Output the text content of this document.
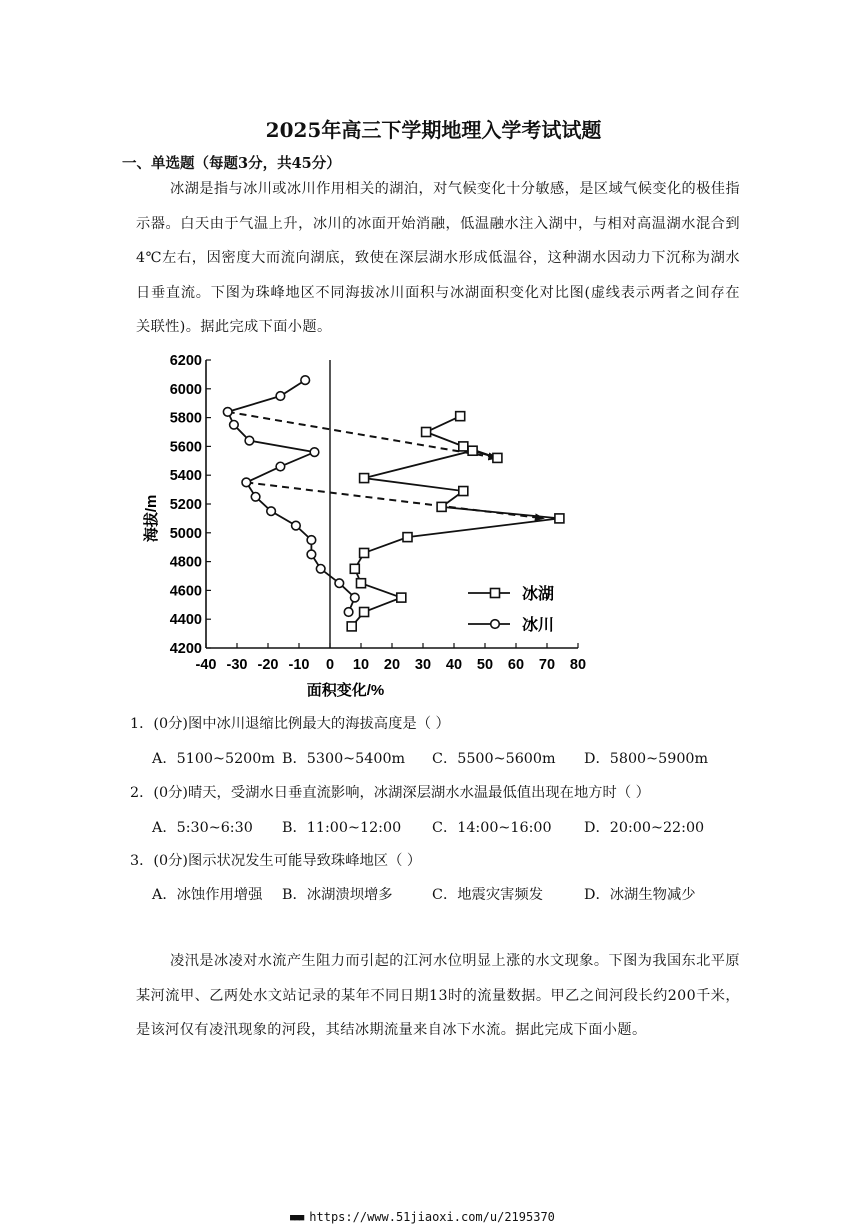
2025年高三下学期地理入学考试试题
一、单选题（每题3分，共45分）
冰湖是指与冰川或冰川作用相关的湖泊，对气候变化十分敏感，是区域气候变化的极佳指示器。白天由于气温上升，冰川的冰面开始消融，低温融水注入湖中，与相对高温湖水混合到4℃左右，因密度大而流向湖底，致使在深层湖水形成低温谷，这种湖水因动力下沉称为湖水日垂直流。下图为珠峰地区不同海拔冰川面积与冰湖面积变化对比图(虚线表示两者之间存在关联性)。据此完成下面小题。
4200
4400
4600
4800
5000
5200
5400
5600
5800
6000
6200
-40 -30 -20 -10 0 10 20 30 40 50 60 70 80
面积变化/%
海拔/m
冰湖
冰川
1．(0分)图中冰川退缩比例最大的海拔高度是（ ）
A．5100~5200m B．5300~5400m C．5500~5600m D．5800~5900m
2．(0分)晴天，受湖水日垂直流影响，冰湖深层湖水水温最低值出现在地方时（ ）
A．5:30~6:30 B．11:00~12:00 C．14:00~16:00 D．20:00~22:00
3．(0分)图示状况发生可能导致珠峰地区（ ）
A．冰蚀作用增强 B．冰湖溃坝增多	C．地震灾害频发	D．冰湖生物减少
凌汛是冰凌对水流产生阻力而引起的江河水位明显上涨的水文现象。下图为我国东北平原某河流甲、乙两处水文站记录的某年不同日期13时的流量数据。甲乙之间河段长约200千米，是该河仅有凌汛现象的河段，其结冰期流量来自冰下水流。据此完成下面小题。
■■■ https://www.51jiaoxi.com/u/2195370
